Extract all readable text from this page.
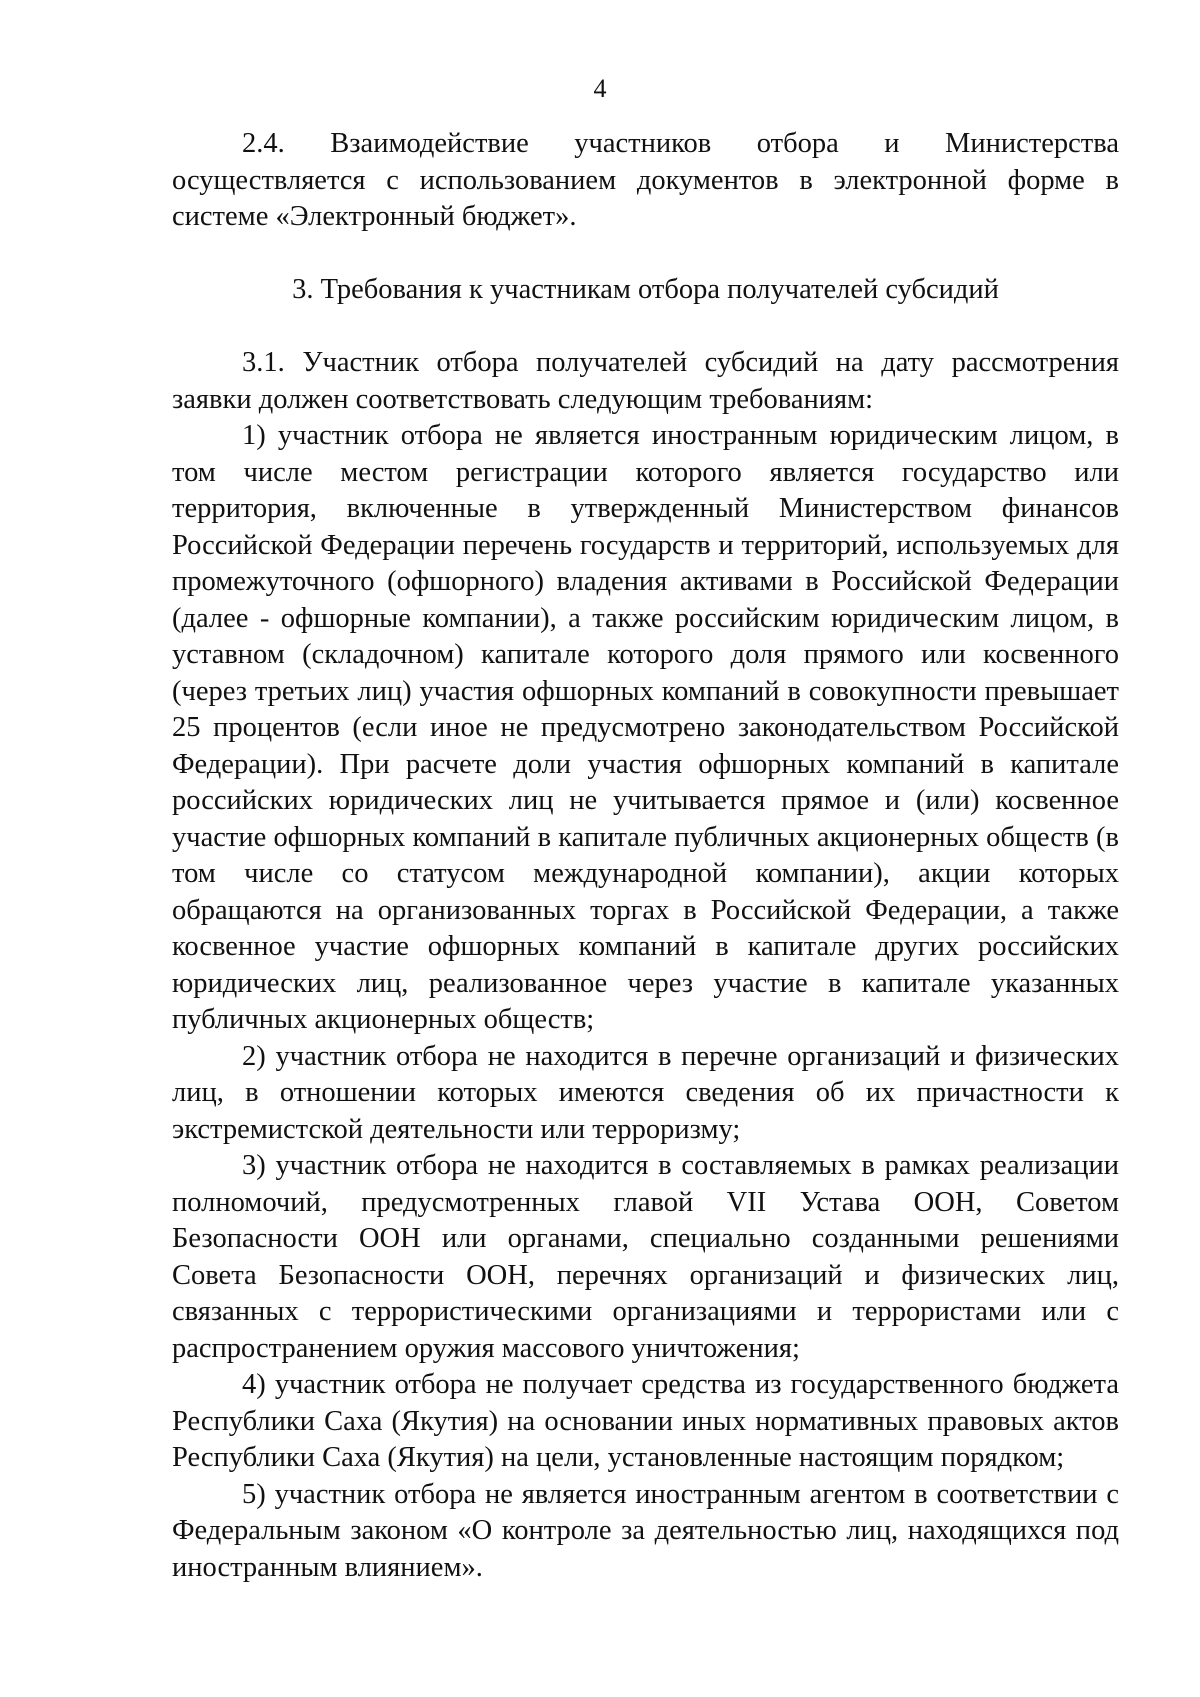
4

2.4. Взаимодействие участников отбора и Министерства осуществляется с использованием документов в электронной форме в системе «Электронный бюджет».

3. Требования к участникам отбора получателей субсидий

3.1. Участник отбора получателей субсидий на дату рассмотрения заявки должен соответствовать следующим требованиям:

1) участник отбора не является иностранным юридическим лицом, в том числе местом регистрации которого является государство или территория, включенные в утвержденный Министерством финансов Российской Федерации перечень государств и территорий, используемых для промежуточного (офшорного) владения активами в Российской Федерации (далее - офшорные компании), а также российским юридическим лицом, в уставном (складочном) капитале которого доля прямого или косвенного (через третьих лиц) участия офшорных компаний в совокупности превышает 25 процентов (если иное не предусмотрено законодательством Российской Федерации). При расчете доли участия офшорных компаний в капитале российских юридических лиц не учитывается прямое и (или) косвенное участие офшорных компаний в капитале публичных акционерных обществ (в том числе со статусом международной компании), акции которых обращаются на организованных торгах в Российской Федерации, а также косвенное участие офшорных компаний в капитале других российских юридических лиц, реализованное через участие в капитале указанных публичных акционерных обществ;

2) участник отбора не находится в перечне организаций и физических лиц, в отношении которых имеются сведения об их причастности к экстремистской деятельности или терроризму;

3) участник отбора не находится в составляемых в рамках реализации полномочий, предусмотренных главой VII Устава ООН, Советом Безопасности ООН или органами, специально созданными решениями Совета Безопасности ООН, перечнях организаций и физических лиц, связанных с террористическими организациями и террористами или с распространением оружия массового уничтожения;

4) участник отбора не получает средства из государственного бюджета Республики Саха (Якутия) на основании иных нормативных правовых актов Республики Саха (Якутия) на цели, установленные настоящим порядком;

5) участник отбора не является иностранным агентом в соответствии с Федеральным законом «О контроле за деятельностью лиц, находящихся под иностранным влиянием».
